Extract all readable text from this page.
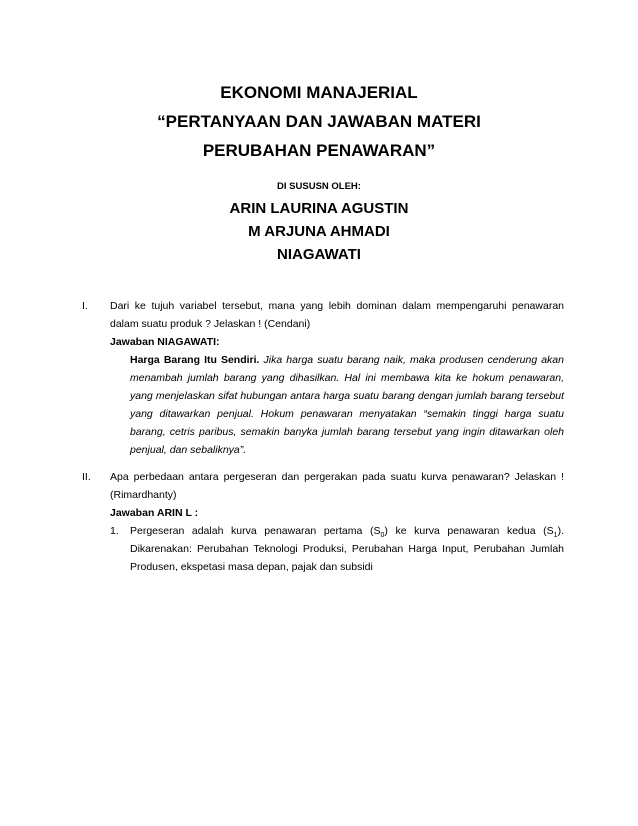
EKONOMI MANAJERIAL

“PERTANYAAN DAN JAWABAN MATERI

PERUBAHAN PENAWARAN”

DI SUSUSN OLEH:

ARIN LAURINA AGUSTIN

M ARJUNA AHMADI

NIAGAWATI

I.	Dari ke tujuh variabel tersebut, mana yang lebih dominan dalam mempengaruhi penawaran dalam suatu produk ? Jelaskan ! (Cendani)

Jawaban NIAGAWATI:

Harga Barang Itu Sendiri. Jika harga suatu barang naik, maka produsen cenderung akan menambah jumlah barang yang dihasilkan. Hal ini membawa kita ke hokum penawaran, yang menjelaskan sifat hubungan antara harga suatu barang dengan jumlah barang tersebut yang ditawarkan penjual. Hokum penawaran menyatakan “semakin tinggi harga suatu barang, cetris paribus, semakin banyka jumlah barang tersebut yang ingin ditawarkan oleh penjual, dan sebaliknya”.

II.	Apa perbedaan antara pergeseran dan pergerakan pada suatu kurva penawaran? Jelaskan ! (Rimardhanty)

Jawaban ARIN L :

1.	Pergeseran adalah kurva penawaran pertama $(S_0)$ ke kurva penawaran kedua $(S_1)$. Dikarenakan: Perubahan Teknologi Produksi, Perubahan Harga Input, Perubahan Jumlah Produsen, ekspetasi masa depan, pajak dan subsidi
